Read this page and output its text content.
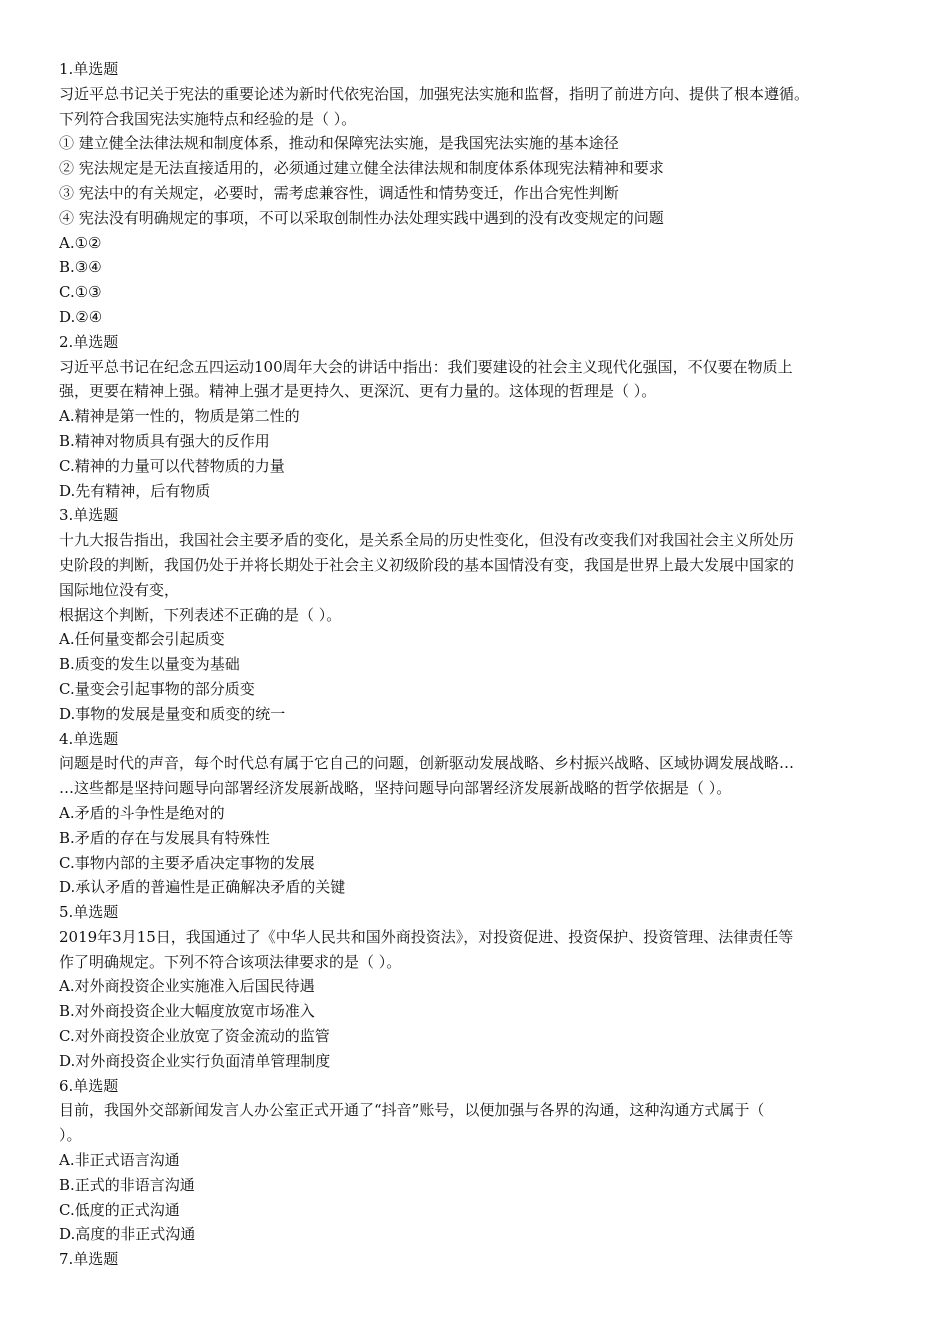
1.单选题
习近平总书记关于宪法的重要论述为新时代依宪治国，加强宪法实施和监督，指明了前进方向、提供了根本遵循。
下列符合我国宪法实施特点和经验的是（ ）。
① 建立健全法律法规和制度体系，推动和保障宪法实施，是我国宪法实施的基本途径
② 宪法规定是无法直接适用的，必须通过建立健全法律法规和制度体系体现宪法精神和要求
③ 宪法中的有关规定，必要时，需考虑兼容性，调适性和情势变迁，作出合宪性判断
④ 宪法没有明确规定的事项，不可以采取创制性办法处理实践中遇到的没有改变规定的问题
A.①②
B.③④
C.①③
D.②④
2.单选题
习近平总书记在纪念五四运动100周年大会的讲话中指出：我们要建设的社会主义现代化强国，不仅要在物质上
强，更要在精神上强。精神上强才是更持久、更深沉、更有力量的。这体现的哲理是（ ）。
A.精神是第一性的，物质是第二性的
B.精神对物质具有强大的反作用
C.精神的力量可以代替物质的力量
D.先有精神，后有物质
3.单选题
十九大报告指出，我国社会主要矛盾的变化，是关系全局的历史性变化，但没有改变我们对我国社会主义所处历
史阶段的判断，我国仍处于并将长期处于社会主义初级阶段的基本国情没有变，我国是世界上最大发展中国家的
国际地位没有变，
根据这个判断，下列表述不正确的是（ ）。
A.任何量变都会引起质变
B.质变的发生以量变为基础
C.量变会引起事物的部分质变
D.事物的发展是量变和质变的统一
4.单选题
问题是时代的声音，每个时代总有属于它自己的问题，创新驱动发展战略、乡村振兴战略、区域协调发展战略…
…这些都是坚持问题导向部署经济发展新战略，坚持问题导向部署经济发展新战略的哲学依据是（ ）。
A.矛盾的斗争性是绝对的
B.矛盾的存在与发展具有特殊性
C.事物内部的主要矛盾决定事物的发展
D.承认矛盾的普遍性是正确解决矛盾的关键
5.单选题
2019年3月15日，我国通过了《中华人民共和国外商投资法》，对投资促进、投资保护、投资管理、法律责任等
作了明确规定。下列不符合该项法律要求的是（ ）。
A.对外商投资企业实施准入后国民待遇
B.对外商投资企业大幅度放宽市场准入
C.对外商投资企业放宽了资金流动的监管
D.对外商投资企业实行负面清单管理制度
6.单选题
目前，我国外交部新闻发言人办公室正式开通了“抖音”账号，以便加强与各界的沟通，这种沟通方式属于（
）。
A.非正式语言沟通
B.正式的非语言沟通
C.低度的正式沟通
D.高度的非正式沟通
7.单选题
